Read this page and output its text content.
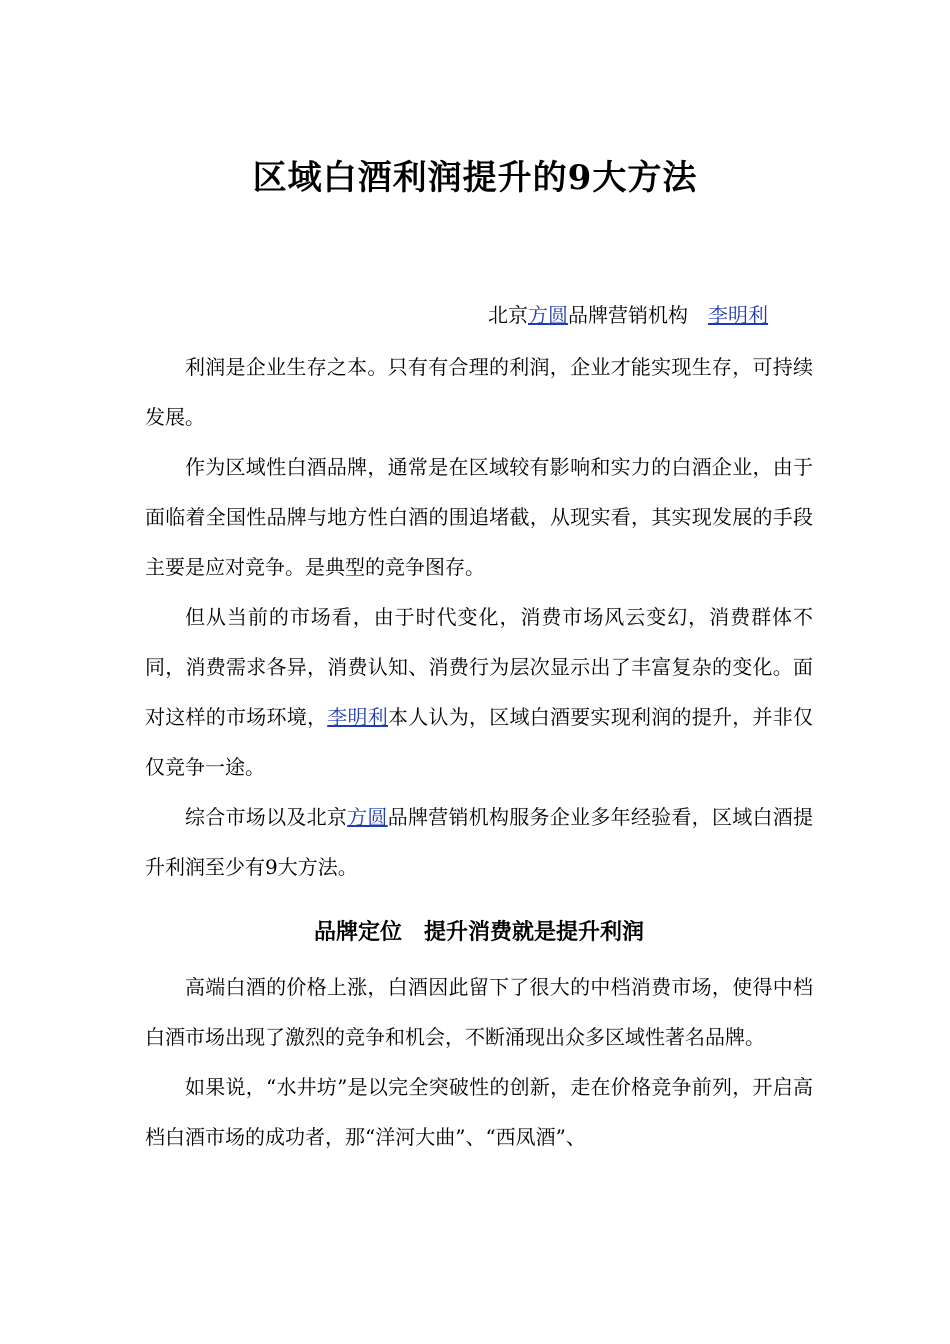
区域白酒利润提升的9大方法
北京方圆品牌营销机构　 李明利

利润是企业生存之本。只有有合理的利润，企业才能实现生存，可持续发展。

作为区域性白酒品牌，通常是在区域较有影响和实力的白酒企业，由于面临着全国性品牌与地方性白酒的围追堵截，从现实看，其实现发展的手段主要是应对竞争。是典型的竞争图存。

但从当前的市场看，由于时代变化，消费市场风云变幻，消费群体不同，消费需求各异，消费认知、消费行为层次显示出了丰富复杂的变化。面对这样的市场环境，李明利本人认为，区域白酒要实现利润的提升，并非仅仅竞争一途。

综合市场以及北京方圆品牌营销机构服务企业多年经验看，区域白酒提升利润至少有9大方法。

品牌定位　提升消费就是提升利润

高端白酒的价格上涨，白酒因此留下了很大的中档消费市场，使得中档白酒市场出现了激烈的竞争和机会，不断涌现出众多区域性著名品牌。

如果说，“水井坊”是以完全突破性的创新，走在价格竞争前列，开启高档白酒市场的成功者，那“洋河大曲”、“西凤酒”、
